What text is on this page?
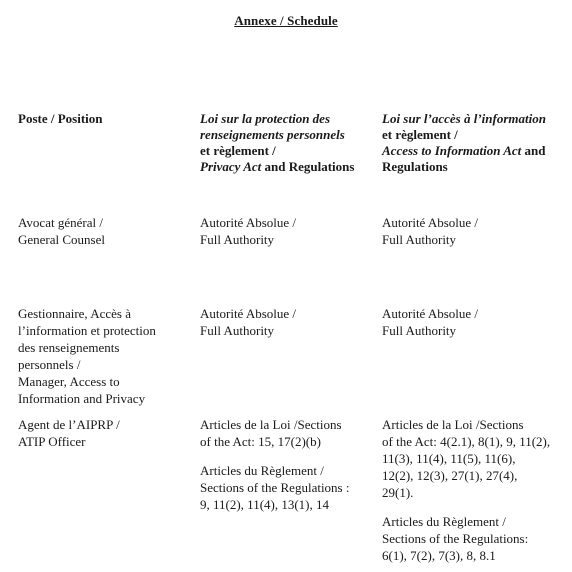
Annexe / Schedule
Poste / Position	Loi sur la protection des
renseignements personnels
et règlement /
Privacy Act and Regulations
Loi sur l’accès à l’information
et règlement /
Access to Information Act and
Regulations
Avocat général /
General Counsel
Autorité Absolue /
Full Authority
Autorité Absolue /
Full Authority
Gestionnaire, Accès à
l’information et protection
des renseignements
personnels /
Manager, Access to
Information and Privacy
Autorité Absolue /
Full Authority
Autorité Absolue /
Full Authority
Agent de l’AIPRP /
ATIP Officer
Articles de la Loi /Sections
of the Act: 15, 17(2)(b)
Articles du Règlement /
Sections of the Regulations :
9, 11(2), 11(4), 13(1), 14
Articles de la Loi /Sections
of the Act: 4(2.1), 8(1), 9, 11(2),
11(3), 11(4), 11(5), 11(6),
12(2), 12(3), 27(1), 27(4),
29(1).
Articles du Règlement /
Sections of the Regulations:
6(1), 7(2), 7(3), 8, 8.1
